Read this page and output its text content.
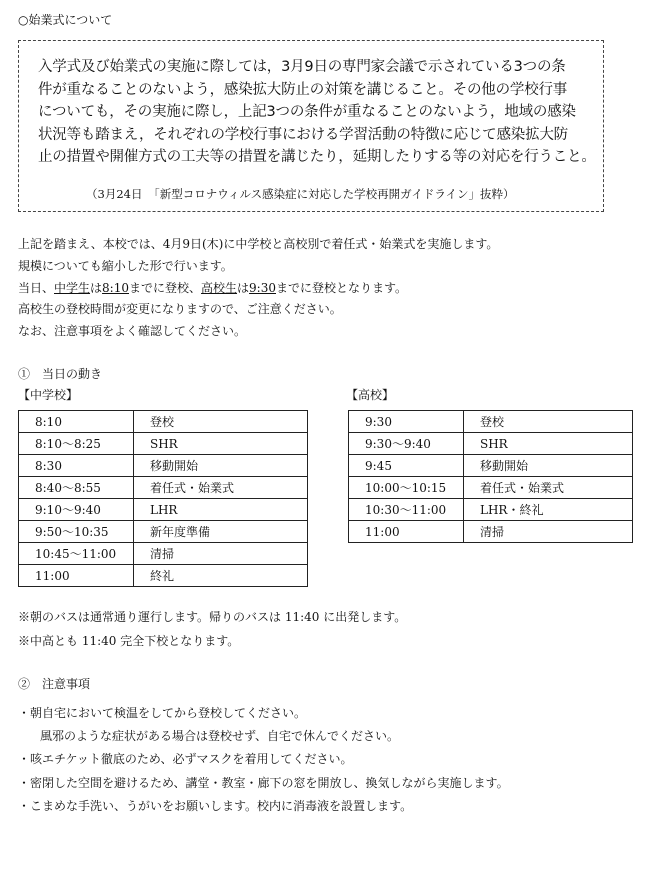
○始業式について
入学式及び始業式の実施に際しては，3月9日の専門家会議で示されている3つの条
件が重なることのないよう，感染拡大防止の対策を講じること。その他の学校行事
についても，その実施に際し，上記3つの条件が重なることのないよう，地域の感染
状況等も踏まえ，それぞれの学校行事における学習活動の特徴に応じて感染拡大防
止の措置や開催方式の工夫等の措置を講じたり，延期したりする等の対応を行うこと。
（3月24日　「新型コロナウィルス感染症に対応した学校再開ガイドライン」抜粋）
上記を踏まえ、本校では、4月9日(木)に中学校と高校別で着任式・始業式を実施します。
規模についても縮小した形で行います。
当日、中学生は8:10までに登校、高校生は9:30までに登校となります。
高校生の登校時間が変更になりますので、ご注意ください。
なお、注意事項をよく確認してください。
①　当日の動き
【中学校】	【高校】
8:10	登校
8:10～8:25	SHR
8:30	移動開始
8:40～8:55	着任式・始業式
9:10～9:40	LHR
9:50～10:35	新年度準備
10:45～11:00	清掃
11:00	終礼
9:30	登校
9:30～9:40	SHR
9:45	移動開始
10:00～10:15	着任式・始業式
10:30～11:00	LHR・終礼
11:00	清掃
※朝のバスは通常通り運行します。帰りのバスは 11:40 に出発します。
※中高とも 11:40 完全下校となります。
②　注意事項
・朝自宅において検温をしてから登校してください。
風邪のような症状がある場合は登校せず、自宅で休んでください。
・咳エチケット徹底のため、必ずマスクを着用してください。
・密閉した空間を避けるため、講堂・教室・廊下の窓を開放し、換気しながら実施します。
・こまめな手洗い、うがいをお願いします。校内に消毒液を設置します。
